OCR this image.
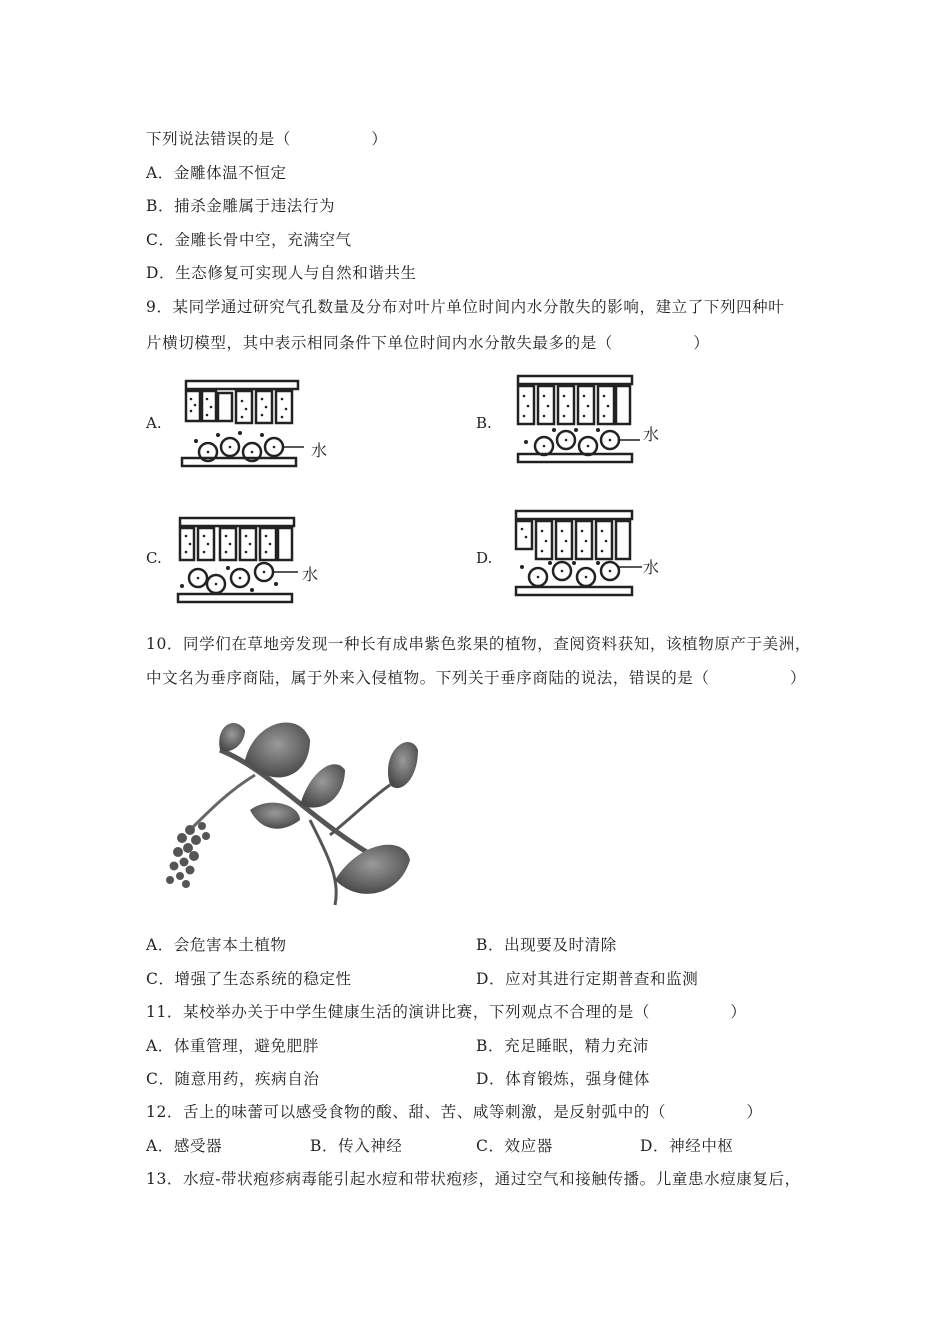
下列说法错误的是（　　　　　）
A．金雕体温不恒定
B．捕杀金雕属于违法行为
C．金雕长骨中空，充满空气
D．生态修复可实现人与自然和谐共生
9．某同学通过研究气孔数量及分布对叶片单位时间内水分散失的影响，建立了下列四种叶
片横切模型，其中表示相同条件下单位时间内水分散失最多的是（　　　　　）
A.
水
B.
水
C.
水
D.	水
10．同学们在草地旁发现一种长有成串紫色浆果的植物，查阅资料获知，该植物原产于美洲，
中文名为垂序商陆，属于外来入侵植物。下列关于垂序商陆的说法，错误的是（　　　　　）
A．会危害本土植物	B．出现要及时清除
C．增强了生态系统的稳定性	D．应对其进行定期普查和监测
11．某校举办关于中学生健康生活的演讲比赛，下列观点不合理的是（　　　　　）
A．体重管理，避免肥胖	B．充足睡眠，精力充沛
C．随意用药，疾病自治	D．体育锻炼，强身健体
12．舌上的味蕾可以感受食物的酸、甜、苦、咸等刺激，是反射弧中的（　　　　　）
A．感受器	B．传入神经	C．效应器	D．神经中枢
13．水痘-带状疱疹病毒能引起水痘和带状疱疹，通过空气和接触传播。儿童患水痘康复后，
